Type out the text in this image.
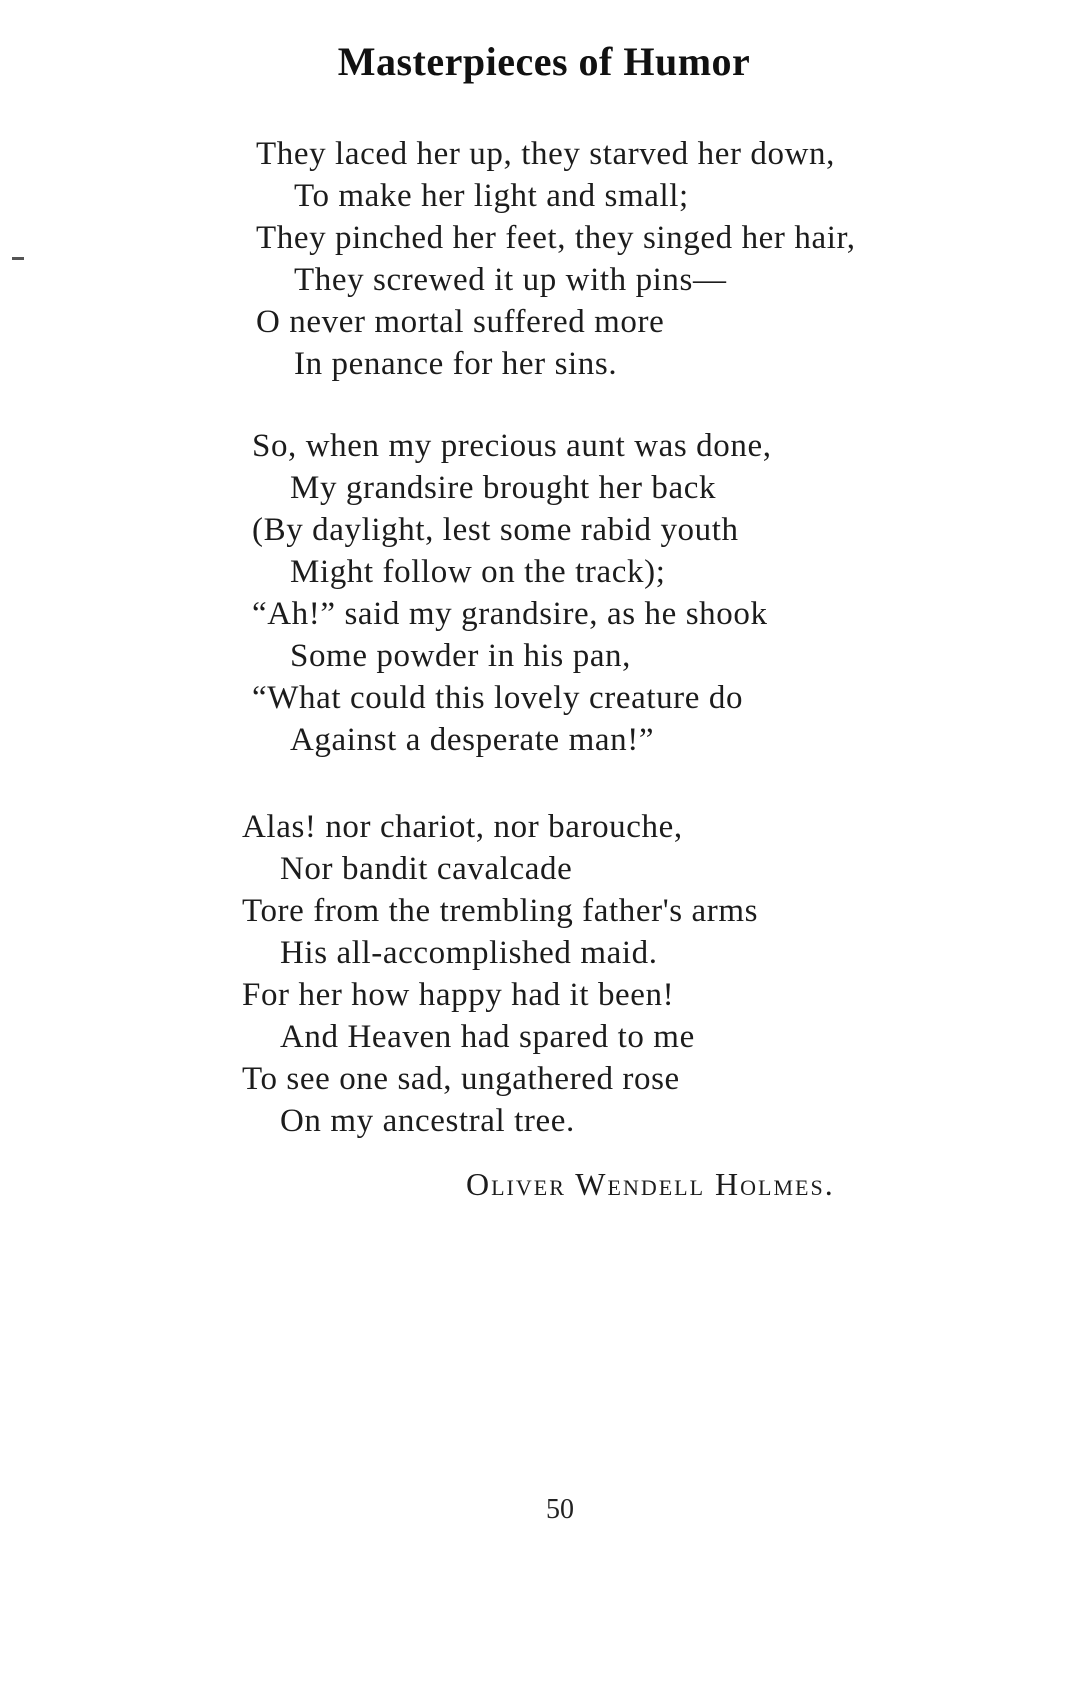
Masterpieces of Humor
They laced her up, they starved her down,
To make her light and small;
They pinched her feet, they singed her hair,
They screwed it up with pins—
O never mortal suffered more
In penance for her sins.
So, when my precious aunt was done,
My grandsire brought her back
(By daylight, lest some rabid youth
Might follow on the track);
“Ah!” said my grandsire, as he shook
Some powder in his pan,
“What could this lovely creature do
Against a desperate man!”
Alas! nor chariot, nor barouche,
Nor bandit cavalcade
Tore from the trembling father's arms
His all-accomplished maid.
For her how happy had it been!
And Heaven had spared to me
To see one sad, ungathered rose
On my ancestral tree.
Oliver Wendell Holmes.
50
